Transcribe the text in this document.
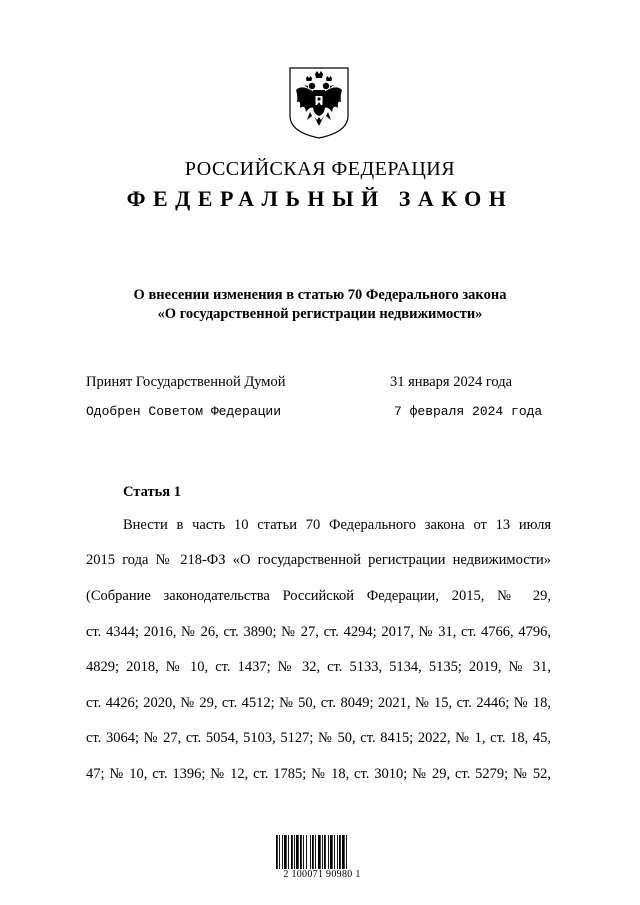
РОССИЙСКАЯ ФЕДЕРАЦИЯ
ФЕДЕРАЛЬНЫЙ ЗАКОН
О внесении изменения в статью 70 Федерального закона
«О государственной регистрации недвижимости»
Принят Государственной Думой	31 января 2024 года
Одобрен Советом Федерации	7 февраля 2024 года
Статья 1
Внести в часть 10 статьи 70 Федерального закона от 13 июля
2015 года № 218-ФЗ «О государственной регистрации недвижимости»
(Собрание законодательства Российской Федерации, 2015, № 29,
ст. 4344; 2016, № 26, ст. 3890; № 27, ст. 4294; 2017, № 31, ст. 4766, 4796,
4829; 2018, № 10, ст. 1437; № 32, ст. 5133, 5134, 5135; 2019, № 31,
ст. 4426; 2020, № 29, ст. 4512; № 50, ст. 8049; 2021, № 15, ст. 2446; № 18,
ст. 3064; № 27, ст. 5054, 5103, 5127; № 50, ст. 8415; 2022, № 1, ст. 18, 45,
47; № 10, ст. 1396; № 12, ст. 1785; № 18, ст. 3010; № 29, ст. 5279; № 52,
2 100071 90980 1
